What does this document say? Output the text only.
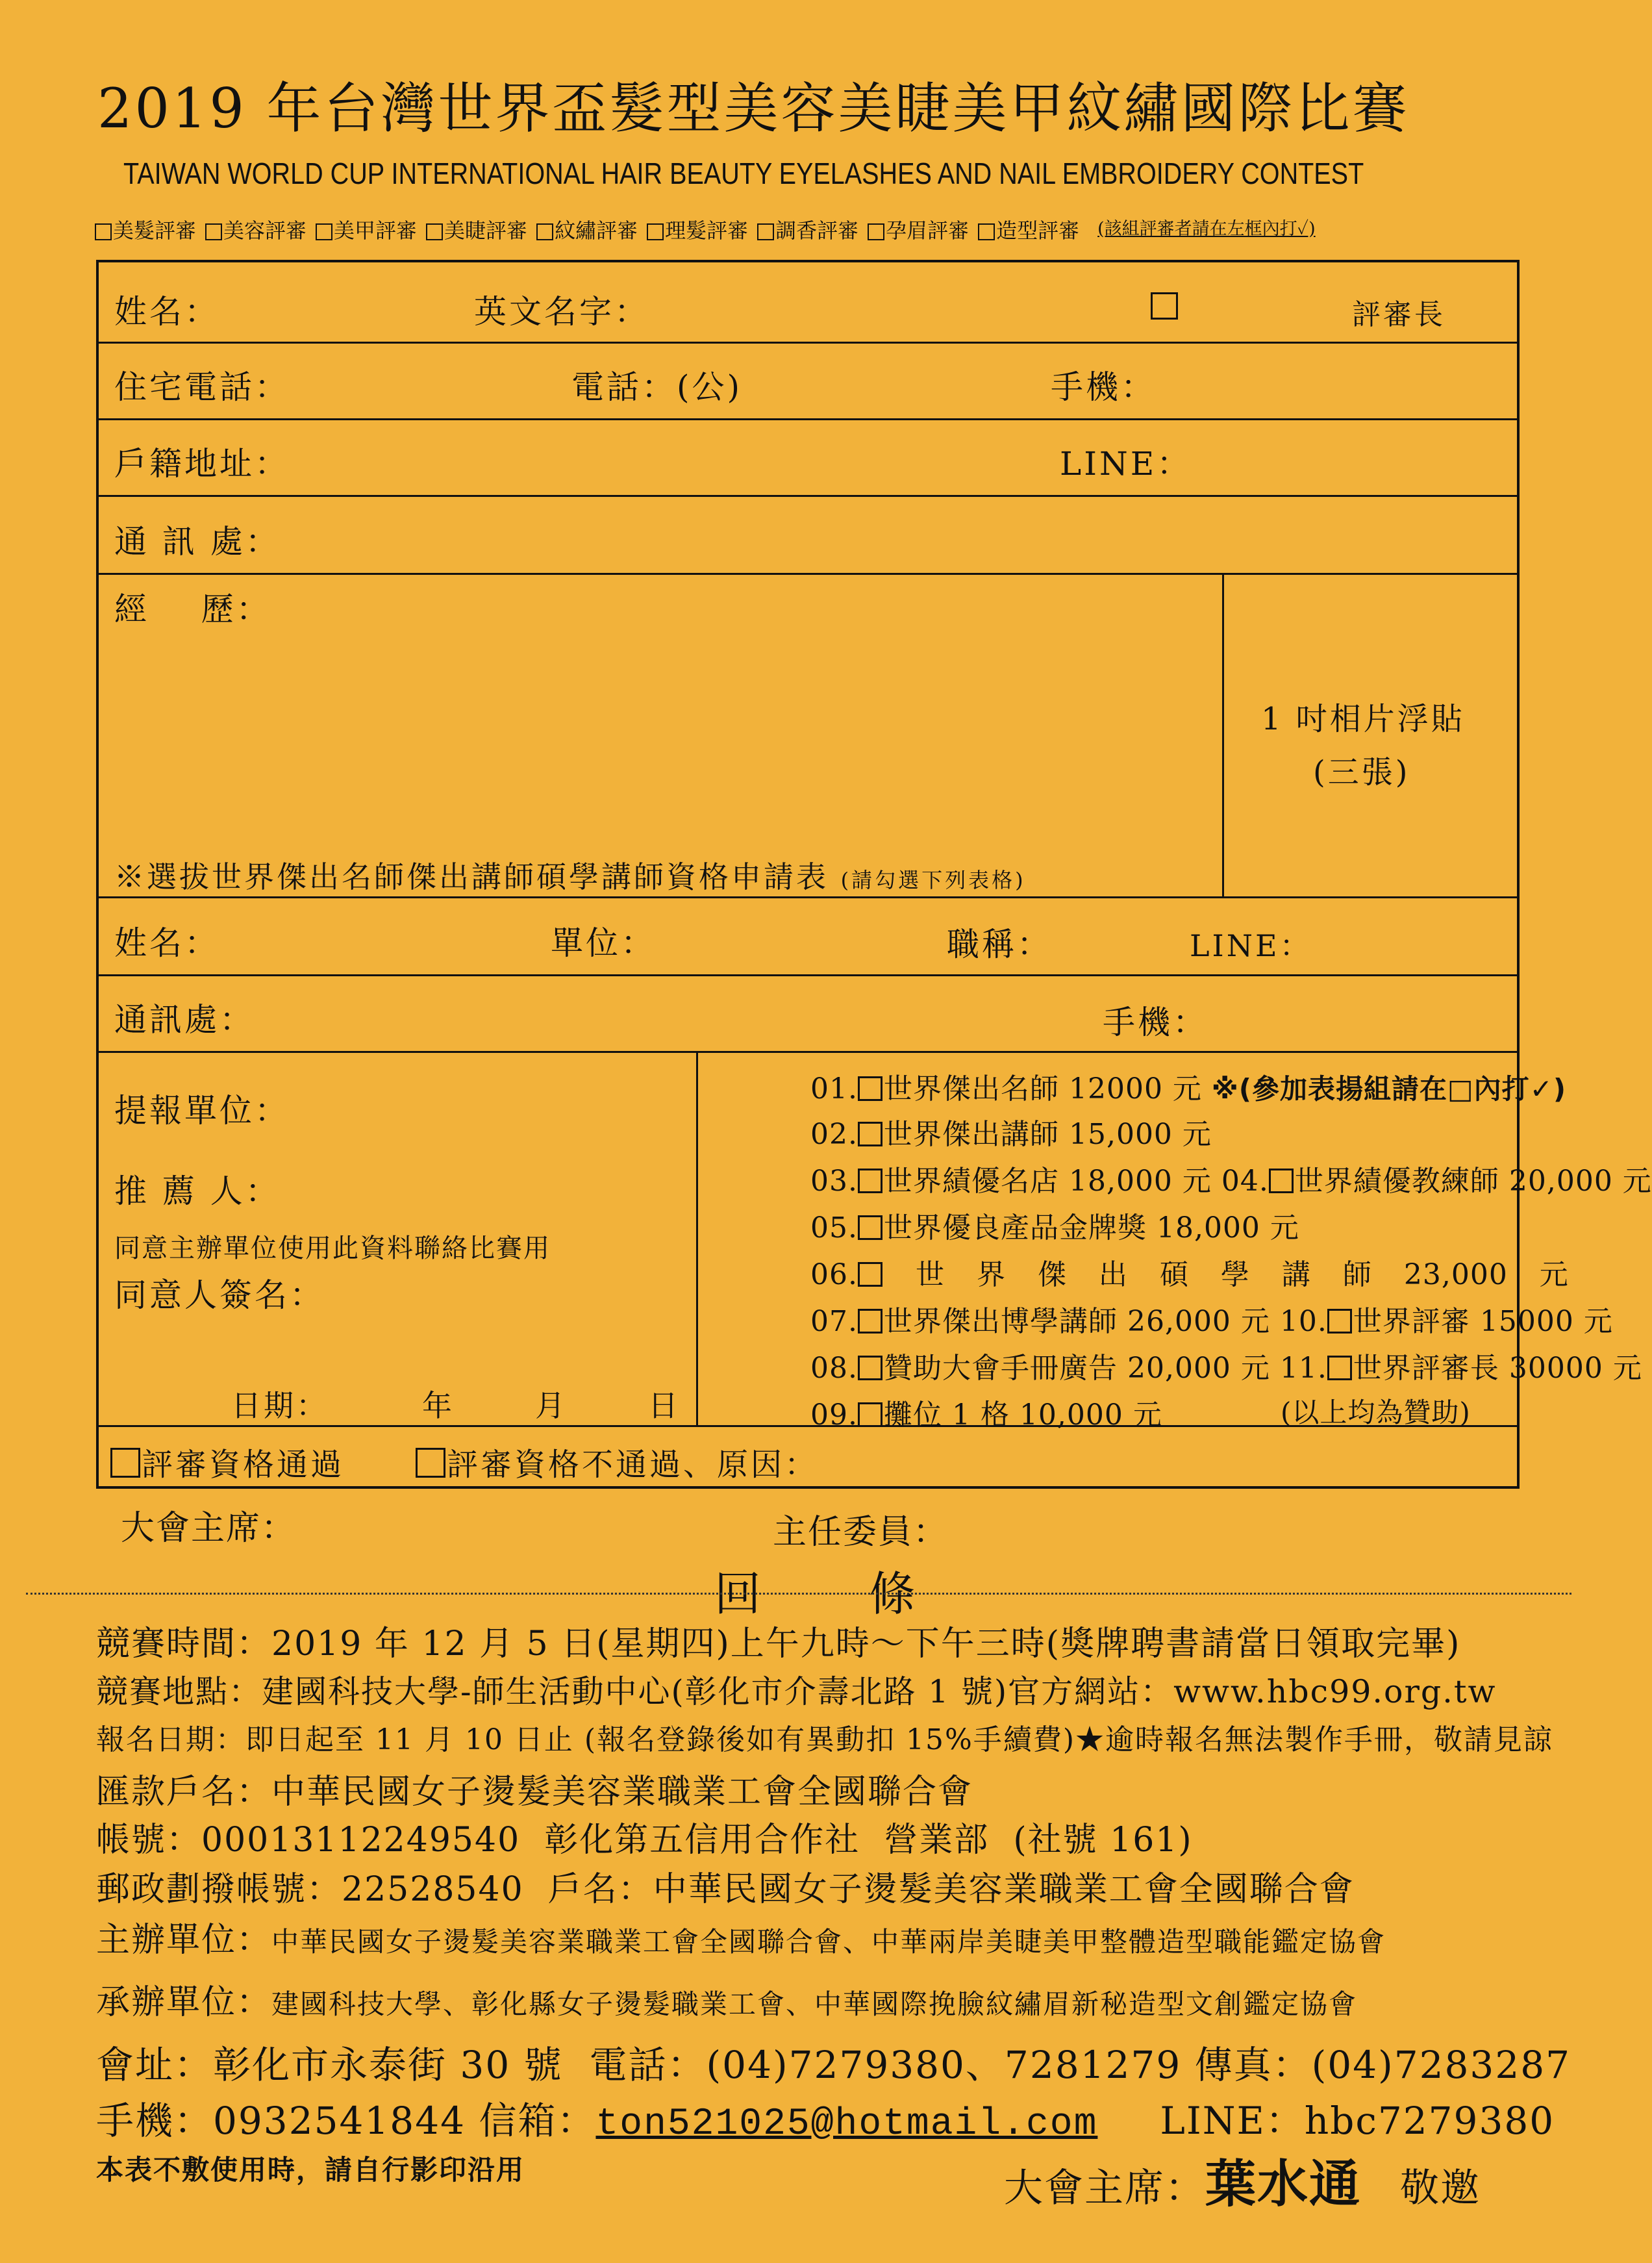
2019 年台灣世界盃髮型美容美睫美甲紋繡國際比賽
TAIWAN WORLD CUP INTERNATIONAL HAIR BEAUTY EYELASHES AND NAIL EMBROIDERY CONTEST
美髮評審	美容評審	美甲評審	美睫評審	紋繡評審	理髮評審	調香評審	孕眉評審	造型評審 (該組評審者請在左框內打✓)
姓名：	英文名字：	評審長
住宅電話：	電話：(公)	手機：
戶籍地址：	LINE：
通 訊 處：
經    歷：
1 吋相片浮貼
(三張)
※選拔世界傑出名師傑出講師碩學講師資格申請表 (請勾選下列表格)
姓名：	單位：	職稱：	LINE：
通訊處：	手機：
提報單位：
推 薦 人：
同意主辦單位使用此資料聯絡比賽用
同意人簽名：
日期：	年	月	日
01. 世界傑出名師 12000 元 ※(參加表揚組請在□內打✓)
02. 世界傑出講師 15,000 元
03. 世界績優名店 18,000 元 04. 世界績優教練師 20,000 元
05. 世界優良產品金牌獎 18,000 元
06. 世 界 傑 出 碩 學 講 師 23,000 元
07. 世界傑出博學講師 26,000 元 10. 世界評審 15000 元
08. 贊助大會手冊廣告 20,000 元 11. 世界評審長 30000 元
09. 攤位 1 格 10,000 元	(以上均為贊助)
評審資格通過	評審資格不通過、原因：
大會主席：	主任委員：
回  條
競賽時間：2019 年 12 月 5 日(星期四)上午九時～下午三時(獎牌聘書請當日領取完畢)
競賽地點：建國科技大學-師生活動中心(彰化市介壽北路 1 號)官方網站：www.hbc99.org.tw
報名日期：即日起至 11 月 10 日止 (報名登錄後如有異動扣 15%手續費)★逾時報名無法製作手冊，敬請見諒
匯款戶名：中華民國女子燙髮美容業職業工會全國聯合會
帳號：00013112249540  彰化第五信用合作社  營業部  (社號 161)
郵政劃撥帳號：22528540  戶名：中華民國女子燙髮美容業職業工會全國聯合會
主辦單位：中華民國女子燙髮美容業職業工會全國聯合會、中華兩岸美睫美甲整體造型職能鑑定協會
承辦單位：建國科技大學、彰化縣女子燙髮職業工會、中華國際挽臉紋繡眉新秘造型文創鑑定協會
會址：彰化市永泰街 30 號  電話：(04)7279380、7281279 傳真：(04)7283287
手機：0932541844 信箱：ton521025@hotmail.com LINE：hbc7279380
本表不敷使用時，請自行影印沿用	大會主席：葉水通 敬邀
